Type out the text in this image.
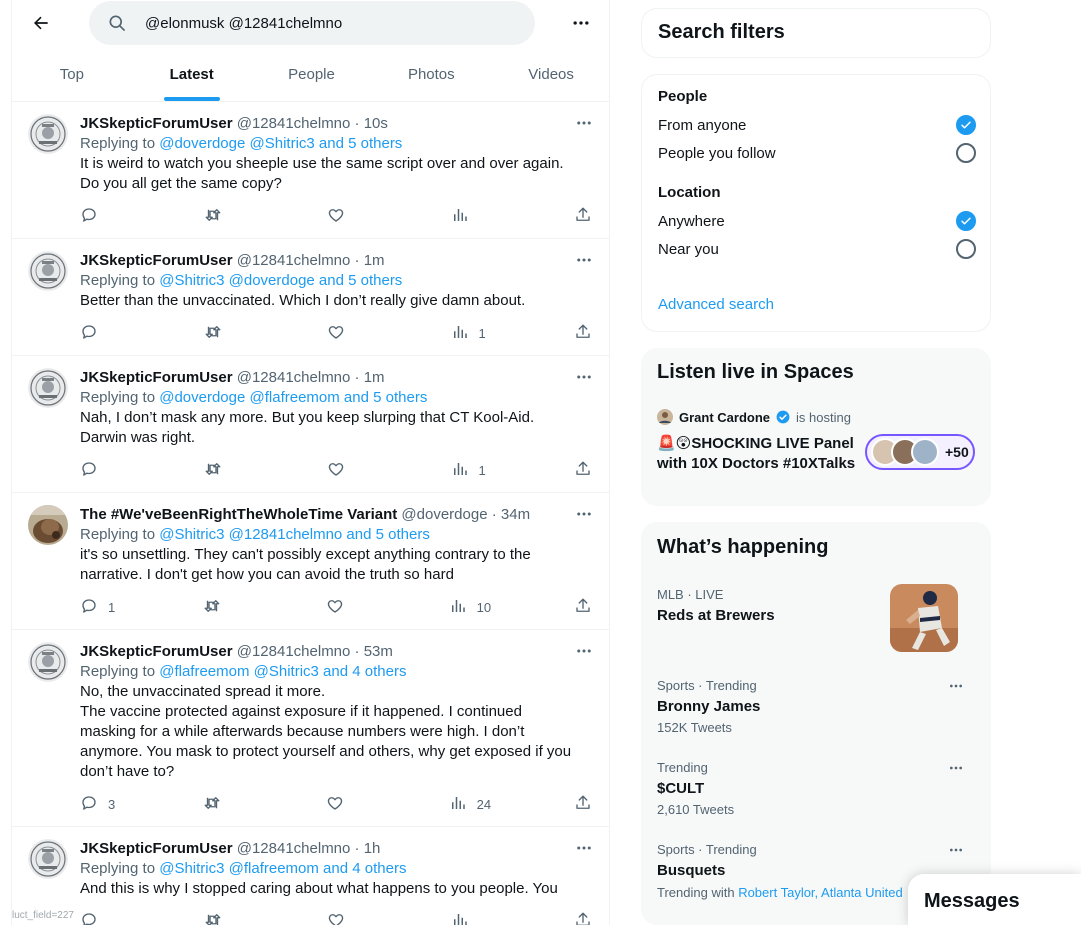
@elonmusk @12841chelmno
Top	Latest	People	Photos	Videos
JKSkepticForumUser @12841chelmno · 10s
Replying to @doverdoge @Shitric3 and 5 others
It is weird to watch you sheeple use the same script over and over again.
Do you all get the same copy?
JKSkepticForumUser @12841chelmno · 1m
Replying to @Shitric3 @doverdoge and 5 others
Better than the unvaccinated. Which I don’t really give damn about.
1
JKSkepticForumUser @12841chelmno · 1m
Replying to @doverdoge @flafreemom and 5 others
Nah, I don’t mask any more. But you keep slurping that CT Kool-Aid.
Darwin was right.
1
The #We'veBeenRightTheWholeTime Variant @doverdoge · 34m
Replying to @Shitric3 @12841chelmno and 5 others
it's so unsettling. They can't possibly except anything contrary to the
narrative. I don't get how you can avoid the truth so hard
1	10
JKSkepticForumUser @12841chelmno · 53m
Replying to @flafreemom @Shitric3 and 4 others
No, the unvaccinated spread it more.
The vaccine protected against exposure if it happened. I continued
masking for a while afterwards because numbers were high. I don’t
anymore. You mask to protect yourself and others, why get exposed if you
don’t have to?
3	24
JKSkepticForumUser @12841chelmno · 1h
Replying to @Shitric3 @flafreemom and 4 others
And this is why I stopped caring about what happens to you people. You
luct_field=227
Search filters
People
From anyone
People you follow
Location
Anywhere
Near you
Advanced search
Listen live in Spaces
Grant Cardone is hosting
🚨😲SHOCKING LIVE Panel with 10X Doctors #10XTalks
+50
What’s happening
MLB · LIVE
Reds at Brewers
Sports · Trending
Bronny James
152K Tweets
Trending
$CULT
2,610 Tweets
Sports · Trending
Busquets
Trending with Robert Taylor, Atlanta United	Messages
